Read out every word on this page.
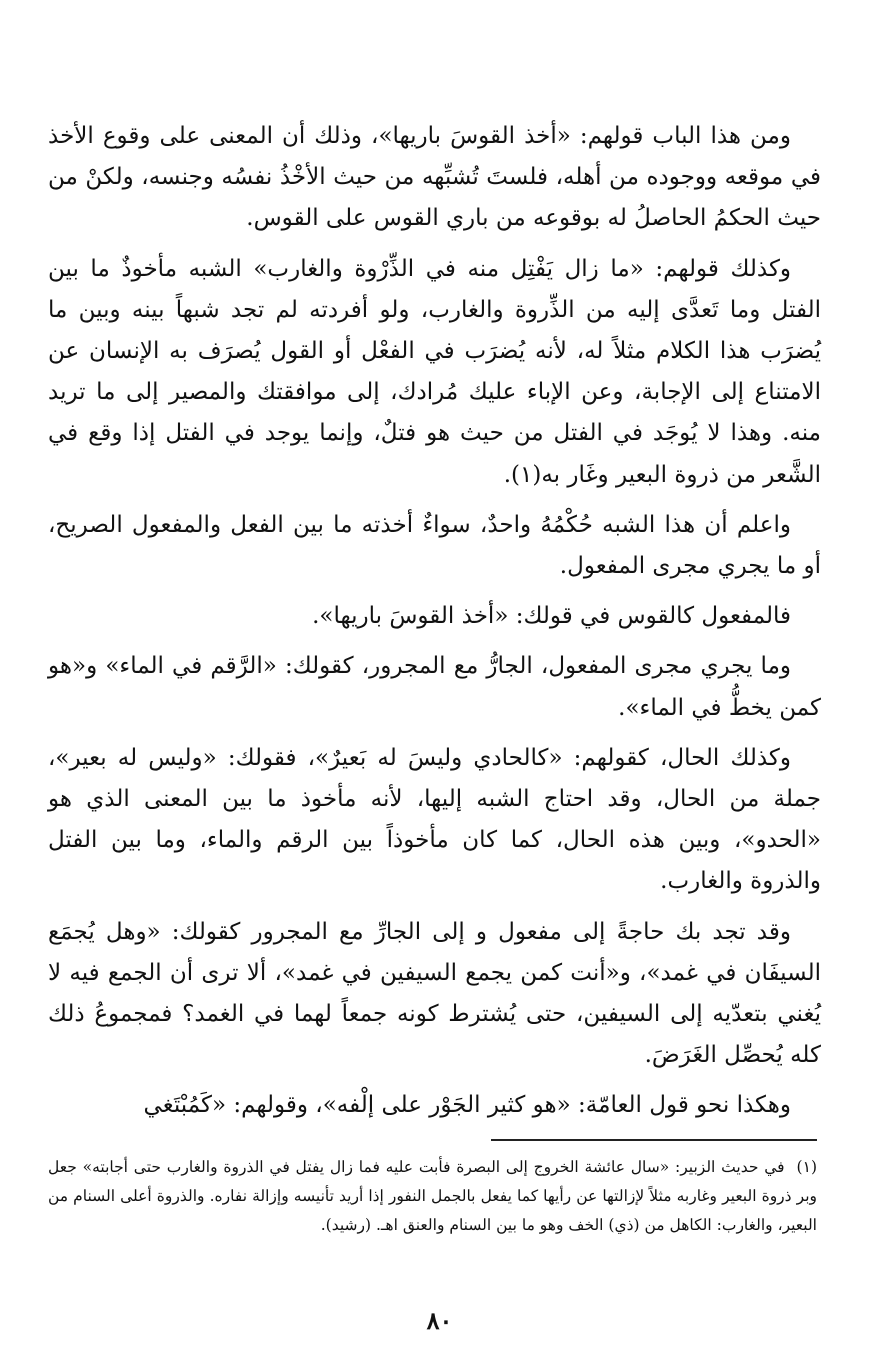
ومن هذا الباب قولهم: «أخذ القوسَ باريها»، وذلك أن المعنى على وقوع الأخذ في موقعه ووجوده من أهله، فلستَ تُشبِّهه من حيث الأخْذُ نفسُه وجنسه، ولكنْ من حيث الحكمُ الحاصلُ له بوقوعه من باري القوس على القوس.

وكذلك قولهم: «ما زال يَفْتِل منه في الذِّرْوة والغارب» الشبه مأخوذٌ ما بين الفتل وما تَعدَّى إليه من الذِّروة والغارب، ولو أفردته لم تجد شبهاً بينه وبين ما يُضرَب هذا الكلام مثلاً له، لأنه يُضرَب في الفعْل أو القول يُصرَف به الإنسان عن الامتناع إلى الإجابة، وعن الإباء عليك مُرادك، إلى موافقتك والمصير إلى ما تريد منه. وهذا لا يُوجَد في الفتل من حيث هو فتلٌ، وإنما يوجد في الفتل إذا وقع في الشَّعر من ذروة البعير وغَار به(١).

واعلم أن هذا الشبه حُكْمُهُ واحدٌ، سواءٌ أخذته ما بين الفعل والمفعول الصريح، أو ما يجري مجرى المفعول.

فالمفعول كالقوس في قولك: «أخذ القوسَ باريها».

وما يجري مجرى المفعول، الجارُّ مع المجرور، كقولك: «الرَّقم في الماء» و«هو كمن يخطُّ في الماء».

وكذلك الحال، كقولهم: «كالحادي وليسَ له بَعيرٌ»، فقولك: «وليس له بعير»، جملة من الحال، وقد احتاج الشبه إليها، لأنه مأخوذ ما بين المعنى الذي هو «الحدو»، وبين هذه الحال، كما كان مأخوذاً بين الرقم والماء، وما بين الفتل والذروة والغارب.

وقد تجد بك حاجةً إلى مفعول و إلى الجارِّ مع المجرور كقولك: «وهل يُجمَع السيفَان في غمد»، و«أنت كمن يجمع السيفين في غمد»، ألا ترى أن الجمع فيه لا يُغني بتعدّيه إلى السيفين، حتى يُشترط كونه جمعاً لهما في الغمد؟ فمجموعُ ذلك كله يُحصِّل الغَرَضَ.

وهكذا نحو قول العامّة: «هو كثير الجَوْر على إلْفه»، وقولهم: «كَمُبْتَغي

(١)في حديث الزبير: «سال عائشة الخروج إلى البصرة فأبت عليه فما زال يفتل في الذروة والغارب حتى أجابته» جعل وبر ذروة البعير وغاربه مثلاً لإزالتها عن رأيها كما يفعل بالجمل النفور إذا أريد تأنيسه وإزالة نفاره. والذروة أعلى السنام من البعير، والغارب: الكاهل من (ذي) الخف وهو ما بين السنام والعنق اهـ. (رشيد).

٨٠
